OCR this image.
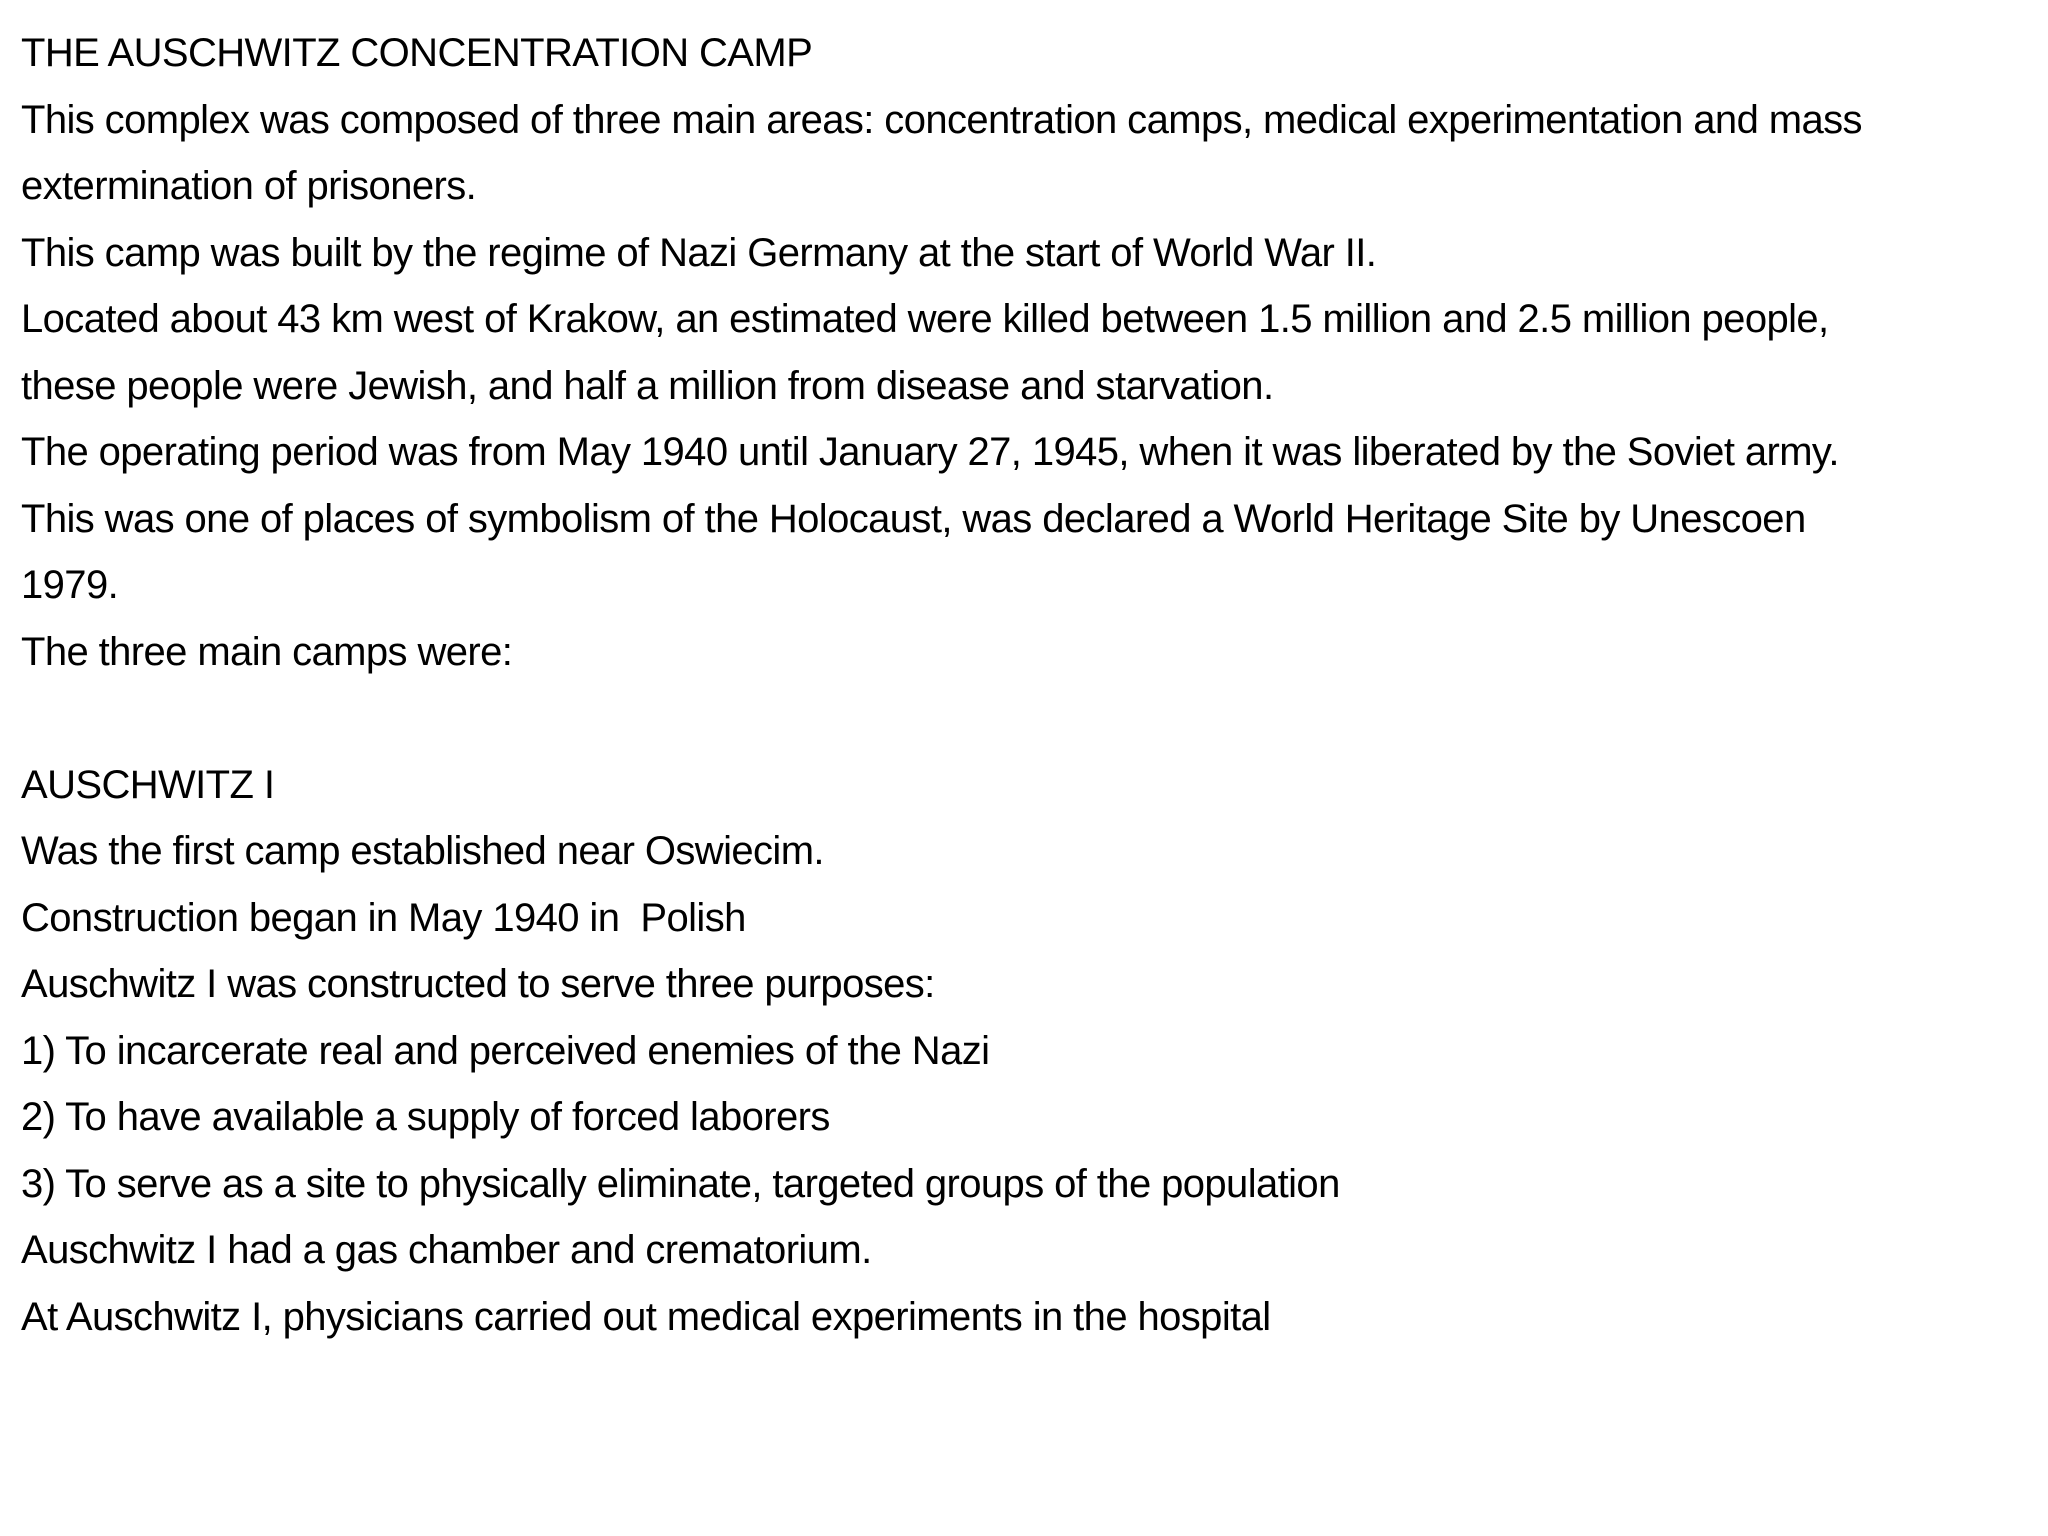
THE AUSCHWITZ CONCENTRATION CAMP
This complex was composed of three main areas: concentration camps, medical experimentation and mass
extermination of prisoners.
This camp was built by the regime of Nazi Germany at the start of World War II.
Located about 43 km west of Krakow, an estimated were killed between 1.5 million and 2.5 million people,
these people were Jewish, and half a million from disease and starvation.
The operating period was from May 1940 until January 27, 1945, when it was liberated by the Soviet army.
This was one of places of symbolism of the Holocaust, was declared a World Heritage Site by Unescoen
1979.
The three main camps were:
AUSCHWITZ I
Was the first camp established near Oswiecim.
Construction began in May 1940 in  Polish
Auschwitz I was constructed to serve three purposes:
1) To incarcerate real and perceived enemies of the Nazi
2) To have available a supply of forced laborers
3) To serve as a site to physically eliminate, targeted groups of the population
Auschwitz I had a gas chamber and crematorium.
At Auschwitz I, physicians carried out medical experiments in the hospital
